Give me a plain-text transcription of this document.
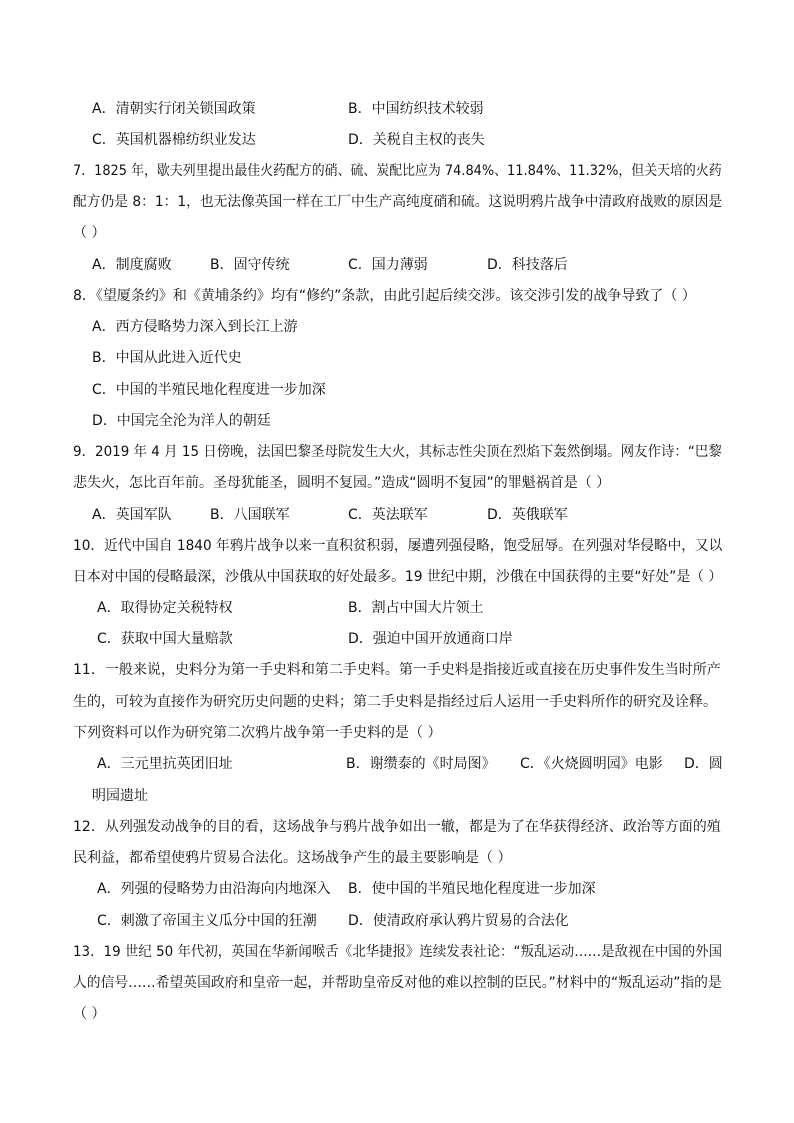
A．清朝实行闭关锁国政策	B．中国纺织技术较弱
C．英国机器棉纺织业发达	D．关税自主权的丧失
7．1825 年，歇夫列里提出最佳火药配方的硝、硫、炭配比应为 74.84%、11.84%、11.32%，但关天培的火药
配方仍是 8：1：1，也无法像英国一样在工厂中生产高纯度硝和硫。这说明鸦片战争中清政府战败的原因是
（ ）
A．制度腐败	B．固守传统	C．国力薄弱	D．科技落后
8．《望厦条约》和《黄埔条约》均有“修约”条款，由此引起后续交涉。该交涉引发的战争导致了（ ）
A．西方侵略势力深入到长江上游
B．中国从此进入近代史
C．中国的半殖民地化程度进一步加深
D．中国完全沦为洋人的朝廷
9．2019 年 4 月 15 日傍晚，法国巴黎圣母院发生大火，其标志性尖顶在烈焰下轰然倒塌。网友作诗：“巴黎
悲失火，怎比百年前。圣母犹能圣，圆明不复园。”造成“圆明不复园”的罪魁祸首是（ ）
A．英国军队	B．八国联军	C．英法联军	D．英俄联军
10．近代中国自 1840 年鸦片战争以来一直积贫积弱，屡遭列强侵略，饱受屈辱。在列强对华侵略中，又以
日本对中国的侵略最深，沙俄从中国获取的好处最多。19 世纪中期，沙俄在中国获得的主要“好处”是（ ）
A．取得协定关税特权	B．割占中国大片领土
C．获取中国大量赔款	D．强迫中国开放通商口岸
11．一般来说，史料分为第一手史料和第二手史料。第一手史料是指接近或直接在历史事件发生当时所产
生的，可较为直接作为研究历史问题的史料；第二手史料是指经过后人运用一手史料所作的研究及诠释。
下列资料可以作为研究第二次鸦片战争第一手史料的是（ ）
A．三元里抗英团旧址	B．谢缵泰的《时局图》 C．《火烧圆明园》电影 D．圆
明园遗址
12．从列强发动战争的目的看，这场战争与鸦片战争如出一辙，都是为了在华获得经济、政治等方面的殖
民利益，都希望使鸦片贸易合法化。这场战争产生的最主要影响是（ ）
A．列强的侵略势力由沿海向内地深入 B．使中国的半殖民地化程度进一步加深
C．刺激了帝国主义瓜分中国的狂潮 D．使清政府承认鸦片贸易的合法化
13．19 世纪 50 年代初，英国在华新闻喉舌《北华捷报》连续发表社论：“叛乱运动……是敌视在中国的外国
人的信号……希望英国政府和皇帝一起，并帮助皇帝反对他的难以控制的臣民。”材料中的“叛乱运动”指的是
（ ）
